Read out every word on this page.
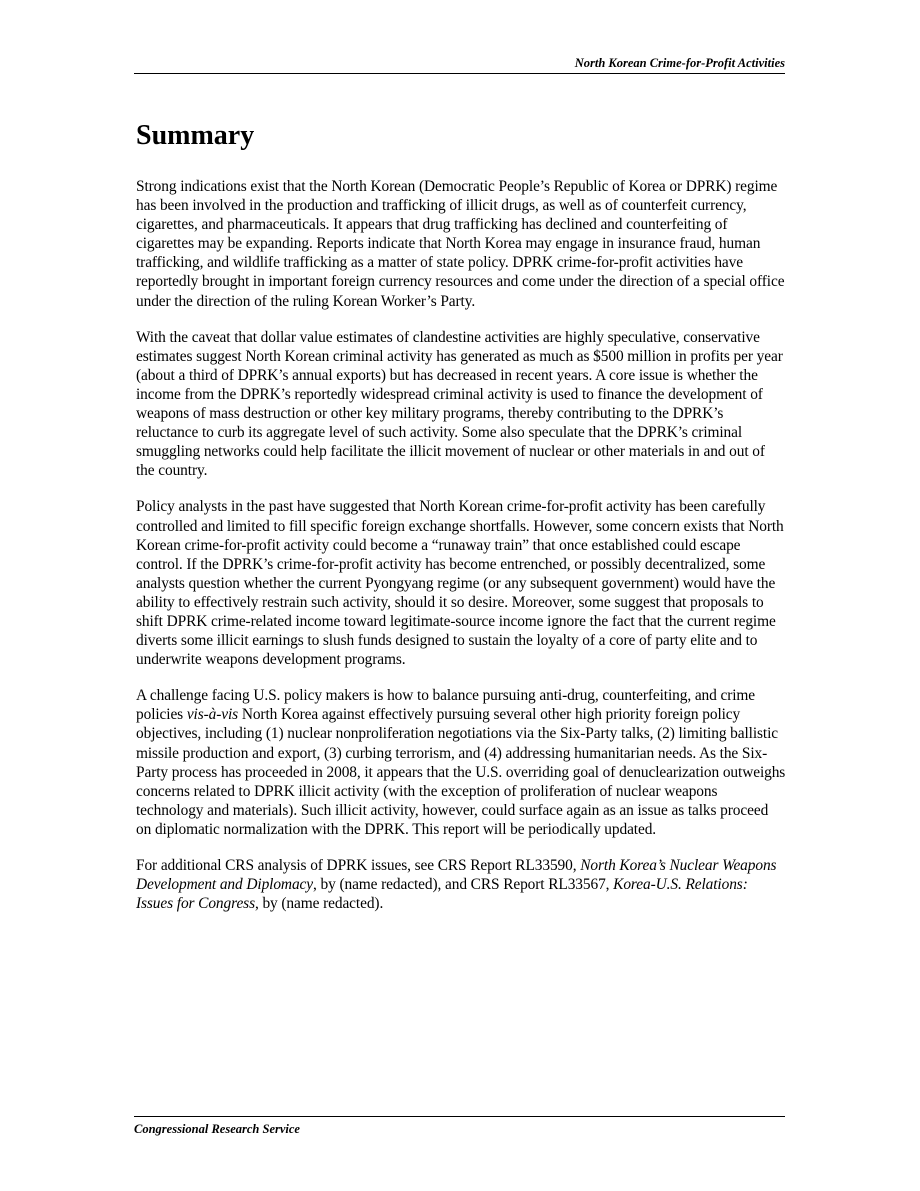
North Korean Crime-for-Profit Activities
Summary

Strong indications exist that the North Korean (Democratic People’s Republic of Korea or DPRK) regime has been involved in the production and trafficking of illicit drugs, as well as of counterfeit currency, cigarettes, and pharmaceuticals. It appears that drug trafficking has declined and counterfeiting of cigarettes may be expanding. Reports indicate that North Korea may engage in insurance fraud, human trafficking, and wildlife trafficking as a matter of state policy. DPRK crime-for-profit activities have reportedly brought in important foreign currency resources and come under the direction of a special office under the direction of the ruling Korean Worker’s Party.

With the caveat that dollar value estimates of clandestine activities are highly speculative, conservative estimates suggest North Korean criminal activity has generated as much as $500 million in profits per year (about a third of DPRK’s annual exports) but has decreased in recent years. A core issue is whether the income from the DPRK’s reportedly widespread criminal activity is used to finance the development of weapons of mass destruction or other key military programs, thereby contributing to the DPRK’s reluctance to curb its aggregate level of such activity. Some also speculate that the DPRK’s criminal smuggling networks could help facilitate the illicit movement of nuclear or other materials in and out of the country.

Policy analysts in the past have suggested that North Korean crime-for-profit activity has been carefully controlled and limited to fill specific foreign exchange shortfalls. However, some concern exists that North Korean crime-for-profit activity could become a “runaway train” that once established could escape control. If the DPRK’s crime-for-profit activity has become entrenched, or possibly decentralized, some analysts question whether the current Pyongyang regime (or any subsequent government) would have the ability to effectively restrain such activity, should it so desire. Moreover, some suggest that proposals to shift DPRK crime-related income toward legitimate-source income ignore the fact that the current regime diverts some illicit earnings to slush funds designed to sustain the loyalty of a core of party elite and to underwrite weapons development programs.

A challenge facing U.S. policy makers is how to balance pursuing anti-drug, counterfeiting, and crime policies vis-à-vis North Korea against effectively pursuing several other high priority foreign policy objectives, including (1) nuclear nonproliferation negotiations via the Six-Party talks, (2) limiting ballistic missile production and export, (3) curbing terrorism, and (4) addressing humanitarian needs. As the Six-Party process has proceeded in 2008, it appears that the U.S. overriding goal of denuclearization outweighs concerns related to DPRK illicit activity (with the exception of proliferation of nuclear weapons technology and materials). Such illicit activity, however, could surface again as an issue as talks proceed on diplomatic normalization with the DPRK. This report will be periodically updated.

For additional CRS analysis of DPRK issues, see CRS Report RL33590, North Korea’s Nuclear Weapons Development and Diplomacy, by (name redacted), and CRS Report RL33567, Korea-U.S. Relations: Issues for Congress, by (name redacted).

Congressional Research Service
